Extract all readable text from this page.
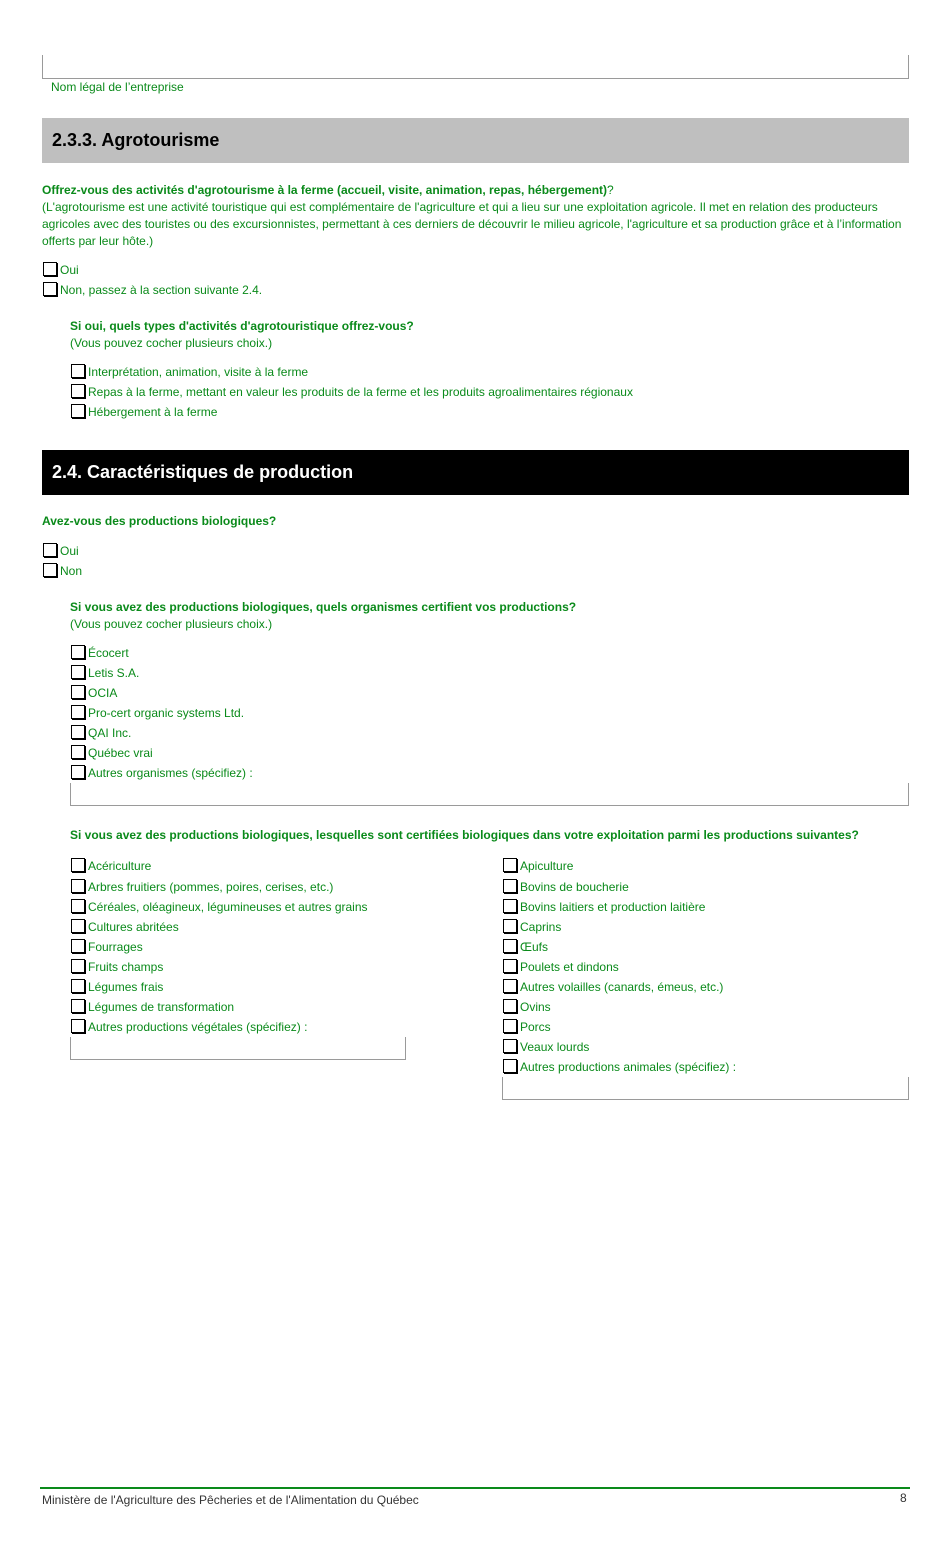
Nom légal de l’entreprise
2.3.3. Agrotourisme
Offrez-vous des activités d'agrotourisme à la ferme (accueil, visite, animation, repas, hébergement)?
(L'agrotourisme est une activité touristique qui est complémentaire de l'agriculture et qui a lieu sur une exploitation agricole. Il met en relation des producteurs agricoles avec des touristes ou des excursionnistes, permettant à ces derniers de découvrir le milieu agricole, l'agriculture et sa production grâce et à l’information offerts par leur hôte.)
Oui
Non, passez à la section suivante 2.4.
Si oui, quels types d'activités d'agrotouristique offrez-vous?
(Vous pouvez cocher plusieurs choix.)
Interprétation, animation, visite à la ferme
Repas à la ferme, mettant en valeur les produits de la ferme et les produits agroalimentaires régionaux
Hébergement à la ferme
2.4. Caractéristiques de production
Avez-vous des productions biologiques?
Oui
Non
Si vous avez des productions biologiques, quels organismes certifient vos productions?
(Vous pouvez cocher plusieurs choix.)
Écocert
Letis S.A.
OCIA
Pro-cert organic systems Ltd.
QAI Inc.
Québec vrai
Autres organismes (spécifiez) :
Si vous avez des productions biologiques, lesquelles sont certifiées biologiques dans votre exploitation parmi les productions suivantes?
Acériculture
Arbres fruitiers (pommes, poires, cerises, etc.)
Céréales, oléagineux, légumineuses et autres grains
Cultures abritées
Fourrages
Fruits champs
Légumes frais
Légumes de transformation
Autres productions végétales (spécifiez) :
Apiculture
Bovins de boucherie
Bovins laitiers et production laitière
Caprins
Œufs
Poulets et dindons
Autres volailles (canards, émeus, etc.)
Ovins
Porcs
Veaux lourds
Autres productions animales (spécifiez) :
Ministère de l'Agriculture des Pêcheries et de l'Alimentation du Québec	8
